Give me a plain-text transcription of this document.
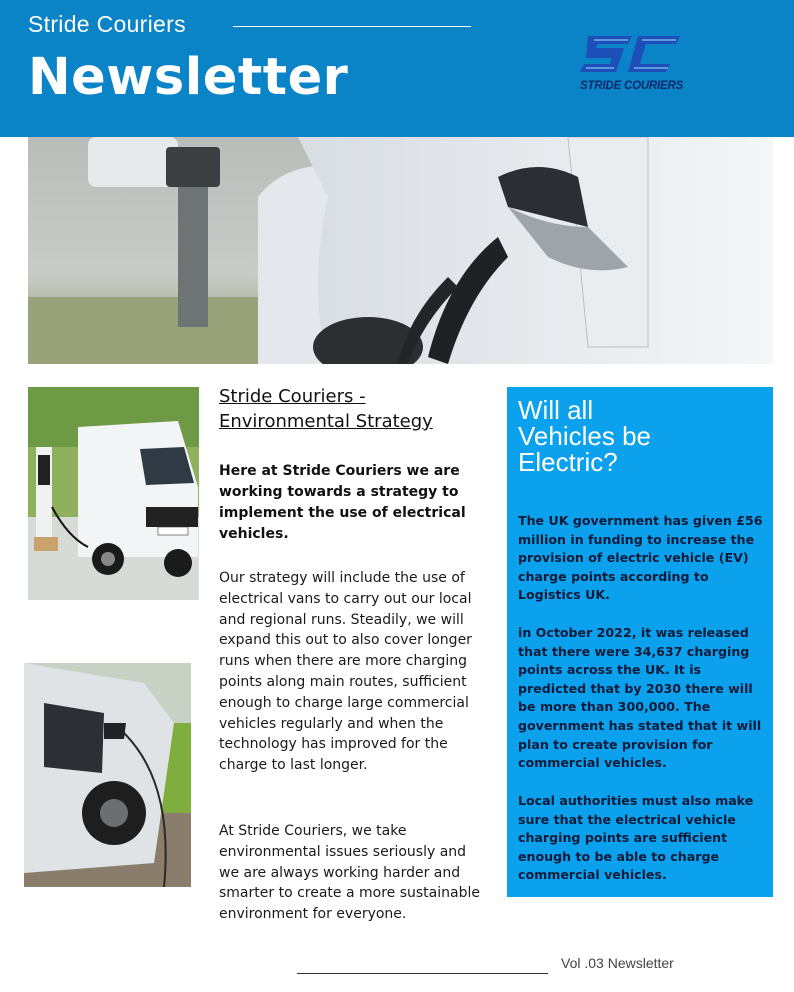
Stride Couriers
Newsletter	STRIDE COURIERS
Stride Couriers -
Environmental Strategy
Here at Stride Couriers we are working towards a strategy to implement the use of electrical vehicles.
Our strategy will include the use of electrical vans to carry out our local and regional runs. Steadily, we will expand this out to also cover longer runs when there are more charging points along main routes, sufficient enough to charge large commercial vehicles regularly and when the technology has improved for the charge to last longer.
At Stride Couriers, we take environmental issues seriously and we are always working harder and smarter to create a more sustainable environment for everyone.
Will all
Vehicles be
Electric?
The UK government has given £56 million in funding to increase the provision of electric vehicle (EV) charge points according to Logistics UK.
in October 2022, it was released that there were 34,637 charging points across the UK. It is predicted that by 2030 there will be more than 300,000. The government has stated that it will plan to create provision for commercial vehicles.
Local authorities must also make sure that the electrical vehicle charging points are sufficient enough to be able to charge commercial vehicles.
Vol .03 Newsletter
